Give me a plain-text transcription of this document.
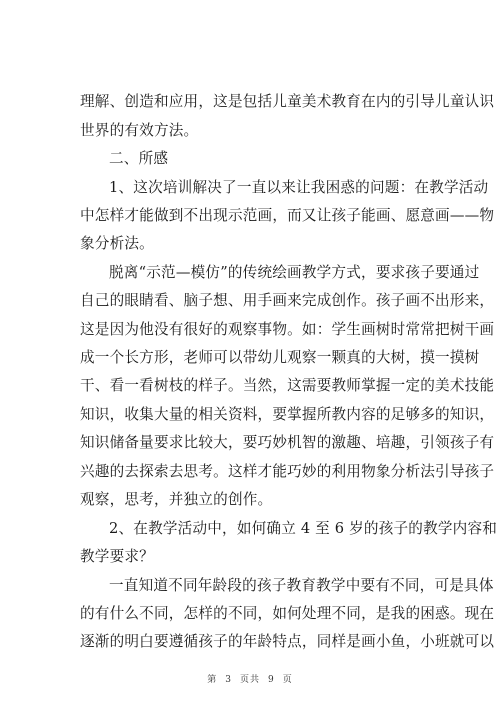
理解、创造和应用，这是包括儿童美术教育在内的引导儿童认识
世界的有效方法。
二、所感
1、这次培训解决了一直以来让我困惑的问题：在教学活动
中怎样才能做到不出现示范画，而又让孩子能画、愿意画——物
象分析法。
脱离“示范—模仿”的传统绘画教学方式，要求孩子要通过
自己的眼睛看、脑子想、用手画来完成创作。孩子画不出形来，
这是因为他没有很好的观察事物。如：学生画树时常常把树干画
成一个长方形，老师可以带幼儿观察一颗真的大树，摸一摸树
干、看一看树枝的样子。当然，这需要教师掌握一定的美术技能
知识，收集大量的相关资料，要掌握所教内容的足够多的知识，
知识储备量要求比较大，要巧妙机智的激趣、培趣，引领孩子有
兴趣的去探索去思考。这样才能巧妙的利用物象分析法引导孩子
观察，思考，并独立的创作。
2、在教学活动中，如何确立 4 至 6 岁的孩子的教学内容和
教学要求？
一直知道不同年龄段的孩子教育教学中要有不同，可是具体
的有什么不同，怎样的不同，如何处理不同，是我的困惑。现在
逐渐的明白要遵循孩子的年龄特点，同样是画小鱼，小班就可以
第 3 页共 9 页
